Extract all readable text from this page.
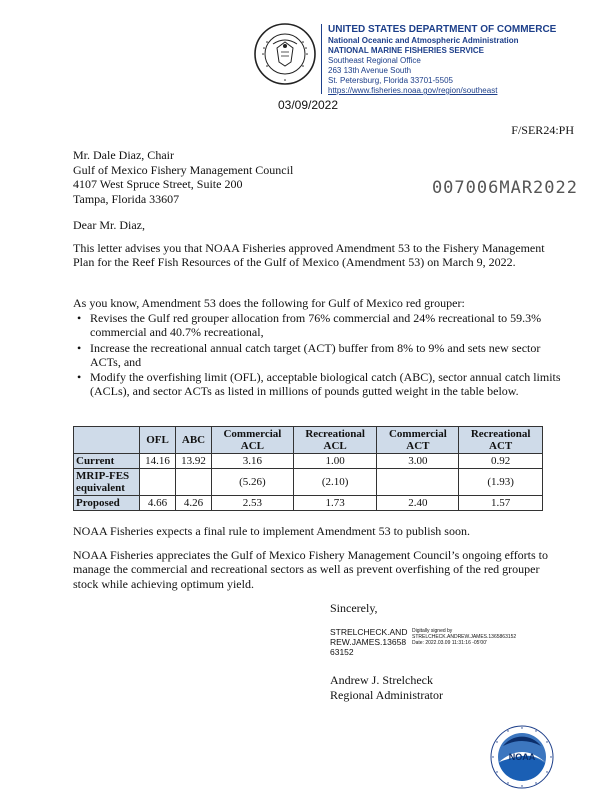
UNITED STATES DEPARTMENT OF COMMERCE
National Oceanic and Atmospheric Administration
NATIONAL MARINE FISHERIES SERVICE
Southeast Regional Office
263 13th Avenue South
St. Petersburg, Florida 33701-5505
https://www.fisheries.noaa.gov/region/southeast
03/09/2022
F/SER24:PH
Mr. Dale Diaz, Chair
Gulf of Mexico Fishery Management Council
4107 West Spruce Street, Suite 200
Tampa, Florida 33607
007006MAR2022
Dear Mr. Diaz,
This letter advises you that NOAA Fisheries approved Amendment 53 to the Fishery Management Plan for the Reef Fish Resources of the Gulf of Mexico (Amendment 53) on March 9, 2022.
As you know, Amendment 53 does the following for Gulf of Mexico red grouper:
• Revises the Gulf red grouper allocation from 76% commercial and 24% recreational to 59.3% commercial and 40.7% recreational,
• Increase the recreational annual catch target (ACT) buffer from 8% to 9% and sets new sector ACTs, and
• Modify the overfishing limit (OFL), acceptable biological catch (ABC), sector annual catch limits (ACLs), and sector ACTs as listed in millions of pounds gutted weight in the table below.
	OFL	ABC	Commercial ACL	Recreational ACL	Commercial ACT	Recreational ACT
Current	14.16	13.92	3.16	1.00	3.00	0.92
MRIP-FES equivalent			(5.26)	(2.10)		(1.93)
Proposed	4.66	4.26	2.53	1.73	2.40	1.57
NOAA Fisheries expects a final rule to implement Amendment 53 to publish soon.
NOAA Fisheries appreciates the Gulf of Mexico Fishery Management Council’s ongoing efforts to manage the commercial and recreational sectors as well as prevent overfishing of the red grouper stock while achieving optimum yield.
Sincerely,
STRELCHECK.AND REW.JAMES.13658 63152
Digitally signed by
STRELCHECK.ANDREW.JAMES.1365863152
Date: 2022.03.09 11:31:16 -05'00'
Andrew J. Strelcheck
Regional Administrator
NOAA
